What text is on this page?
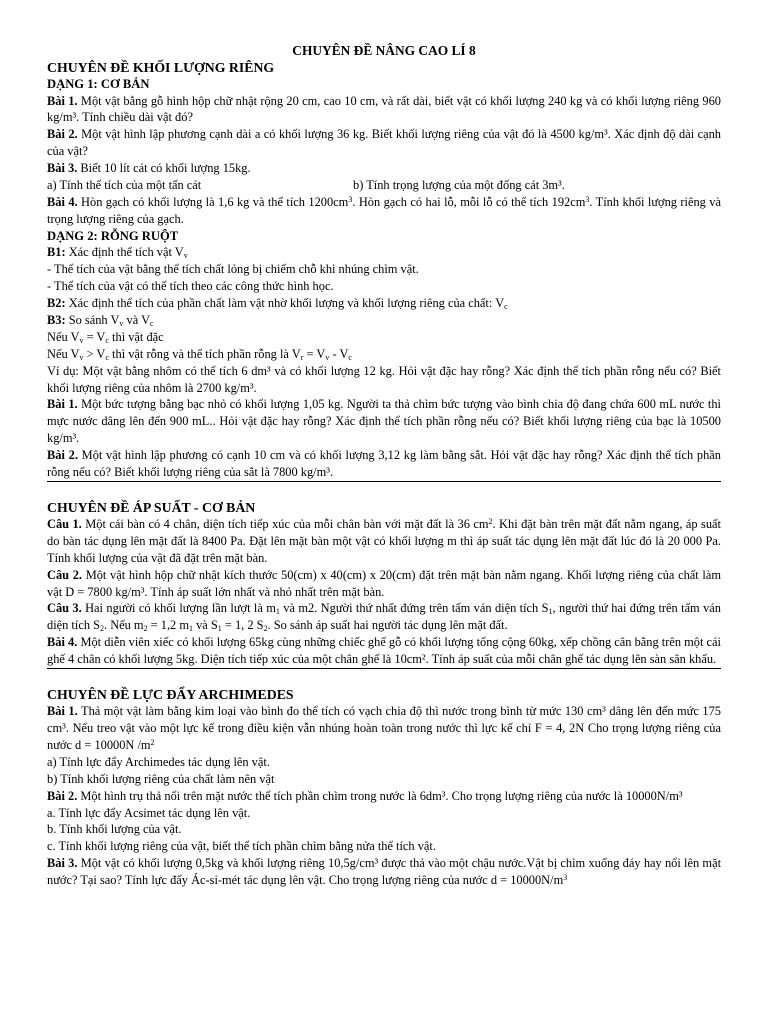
CHUYÊN ĐỀ NÂNG CAO LÍ 8
CHUYÊN ĐỀ KHỐI LƯỢNG RIÊNG
DẠNG 1: CƠ BẢN

Bài 1. Một vật bằng gỗ hình hộp chữ nhật rộng 20 cm, cao 10 cm, và rất dài, biết vật có khối lượng 240 kg và có khối lượng riêng 960 kg/m³. Tính chiều dài vật đó?

Bài 2. Một vật hình lập phương cạnh dài a có khối lượng 36 kg. Biết khối lượng riêng của vật đó là 4500 kg/m³. Xác định độ dài cạnh của vật?

Bài 3. Biết 10 lít cát có khối lượng 15kg.

a) Tính thể tích của một tấn cát	b) Tính trọng lượng của một đống cát 3m³.

Bài 4. Hòn gạch có khối lượng là 1,6 kg và thể tích $1200cm^3$. Hòn gạch có hai lỗ, mỗi lỗ có thể tích $192cm^3$. Tính khối lượng riêng và trọng lượng riêng của gạch.

DẠNG 2: RỖNG RUỘT

B1: Xác định thể tích vật $V_v$

- Thể tích của vật bằng thể tích chất lỏng bị chiếm chỗ khi nhúng chìm vật.

- Thể tích của vật có thể tích theo các công thức hình học.

B2: Xác định thể tích của phần chất làm vật nhờ khối lượng và khối lượng riêng của chất: $V_c$

B3: So sánh $V_v$ và $V_c$

Nếu $V_v = V_c$ thì vật đặc

Nếu $V_v > V_c$ thì vật rỗng và thể tích phần rỗng là $V_r = V_v - V_c$

Ví dụ: Một vật bằng nhôm có thể tích 6 dm³ và có khối lượng 12 kg. Hỏi vật đặc hay rỗng? Xác định thể tích phần rỗng nếu có? Biết khối lượng riêng của nhôm là 2700 kg/m³.

Bài 1. Một bức tượng bằng bạc nhỏ có khối lượng 1,05 kg. Người ta thả chìm bức tượng vào bình chia độ đang chứa 600 mL nước thì mực nước dâng lên đến 900 mL.. Hỏi vật đặc hay rỗng? Xác định thể tích phần rỗng nếu có? Biết khối lượng riêng của bạc là 10500 kg/m³.

Bài 2. Một vật hình lập phương có cạnh 10 cm và có khối lượng 3,12 kg làm bằng sắt. Hỏi vật đặc hay rỗng? Xác định thể tích phần rỗng nếu có? Biết khối lượng riêng của sắt là 7800 kg/m³.

CHUYÊN ĐỀ ÁP SUẤT - CƠ BẢN

Câu 1. Một cái bàn có 4 chân, diện tích tiếp xúc của mỗi chân bàn với mặt đất là 36 $cm^2$. Khi đặt bàn trên mặt đất nằm ngang, áp suất do bàn tác dụng lên mặt đất là 8400 Pa. Đặt lên mặt bàn một vật có khối lượng m thì áp suất tác dụng lên mặt đất lúc đó là 20 000 Pa. Tính khối lượng của vật đã đặt trên mặt bàn.

Câu 2. Một vật hình hộp chữ nhật kích thước 50(cm) x 40(cm) x 20(cm) đặt trên mặt bàn nằm ngang. Khối lượng riêng của chất làm vật D = 7800 kg/m³. Tính áp suất lớn nhất và nhỏ nhất trên mặt bàn.

Câu 3. Hai người có khối lượng lần lượt là $m_1$ và m2. Người thứ nhất đứng trên tấm ván diện tích $S_1$, người thứ hai đứng trên tấm ván diện tích $S_2$. Nếu $m_2 = 1,2$ $m_1$ và $S_1 = 1$, 2 $S_2$. So sánh áp suất hai người tác dụng lên mặt đất.

Bài 4. Một diễn viên xiếc có khối lượng 65kg cùng những chiếc ghế gỗ có khối lượng tổng cộng 60kg, xếp chồng cân bằng trên một cái ghế 4 chân có khối lượng 5kg. Diện tích tiếp xúc của một chân ghế là 10cm². Tính áp suất của mỗi chân ghế tác dụng lên sàn sân khấu.

CHUYÊN ĐỀ LỰC ĐẨY ARCHIMEDES

Bài 1. Thả một vật làm bằng kim loại vào bình đo thể tích có vạch chia độ thì nước trong bình từ mức 130 cm³ dâng lên đến mức 175 cm³. Nếu treo vật vào một lực kế trong điều kiện vẫn nhúng hoàn toàn trong nước thì lực kế chỉ F = 4, 2N Cho trọng lượng riêng của nước d = 10000N $/m^2$

a) Tính lực đẩy Archimedes tác dụng lên vật.

b) Tính khối lượng riêng của chất làm nên vật

Bài 2. Một hình trụ thả nổi trên mặt nước thể tích phần chìm trong nước là 6dm³. Cho trọng lượng riêng của nước là 10000N/m³

a. Tính lực đẩy Acsimet tác dụng lên vật.

b. Tính khối lượng của vật.

c. Tính khối lượng riêng của vật, biết thể tích phần chìm bằng nửa thể tích vật.

Bài 3. Một vật có khối lượng 0,5kg và khối lượng riêng 10,5g/cm³ được thả vào một chậu nước.Vật bị chìm xuống đáy hay nổi lên mặt nước? Tại sao? Tính lực đẩy Ác-si-mét tác dụng lên vật. Cho trọng lượng riêng của nước $d = 10000N/m^3$
